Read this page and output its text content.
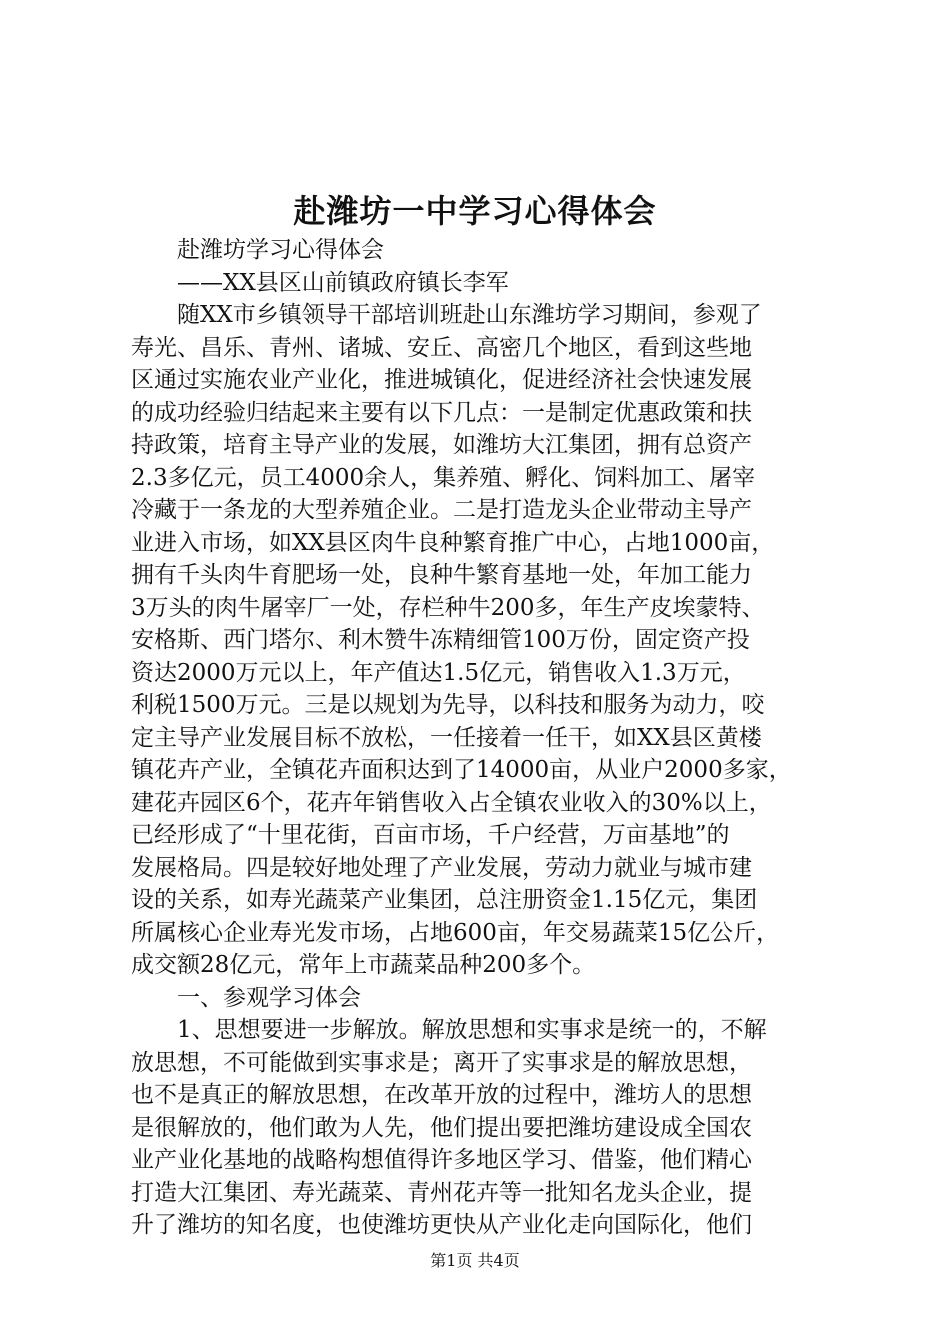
赴潍坊一中学习心得体会
赴潍坊学习心得体会
——XX县区山前镇政府镇长李军
随XX市乡镇领导干部培训班赴山东潍坊学习期间，参观了
寿光、昌乐、青州、诸城、安丘、高密几个地区，看到这些地
区通过实施农业产业化，推进城镇化，促进经济社会快速发展
的成功经验归结起来主要有以下几点：一是制定优惠政策和扶
持政策，培育主导产业的发展，如潍坊大江集团，拥有总资产
2.3多亿元，员工4000余人，集养殖、孵化、饲料加工、屠宰
冷藏于一条龙的大型养殖企业。二是打造龙头企业带动主导产
业进入市场，如XX县区肉牛良种繁育推广中心，占地1000亩，
拥有千头肉牛育肥场一处，良种牛繁育基地一处，年加工能力
3万头的肉牛屠宰厂一处，存栏种牛200多，年生产皮埃蒙特、
安格斯、西门塔尔、利木赞牛冻精细管100万份，固定资产投
资达2000万元以上，年产值达1.5亿元，销售收入1.3万元，
利税1500万元。三是以规划为先导，以科技和服务为动力，咬
定主导产业发展目标不放松，一任接着一任干，如XX县区黄楼
镇花卉产业，全镇花卉面积达到了14000亩，从业户2000多家，
建花卉园区6个，花卉年销售收入占全镇农业收入的30%以上，
已经形成了“十里花街，百亩市场，千户经营，万亩基地”的
发展格局。四是较好地处理了产业发展，劳动力就业与城市建
设的关系，如寿光蔬菜产业集团，总注册资金1.15亿元，集团
所属核心企业寿光发市场，占地600亩，年交易蔬菜15亿公斤，
成交额28亿元，常年上市蔬菜品种200多个。
一、参观学习体会
1、思想要进一步解放。解放思想和实事求是统一的，不解
放思想，不可能做到实事求是；离开了实事求是的解放思想，
也不是真正的解放思想，在改革开放的过程中，潍坊人的思想
是很解放的，他们敢为人先，他们提出要把潍坊建设成全国农
业产业化基地的战略构想值得许多地区学习、借鉴，他们精心
打造大江集团、寿光蔬菜、青州花卉等一批知名龙头企业，提
升了潍坊的知名度，也使潍坊更快从产业化走向国际化，他们
第1页 共4页
